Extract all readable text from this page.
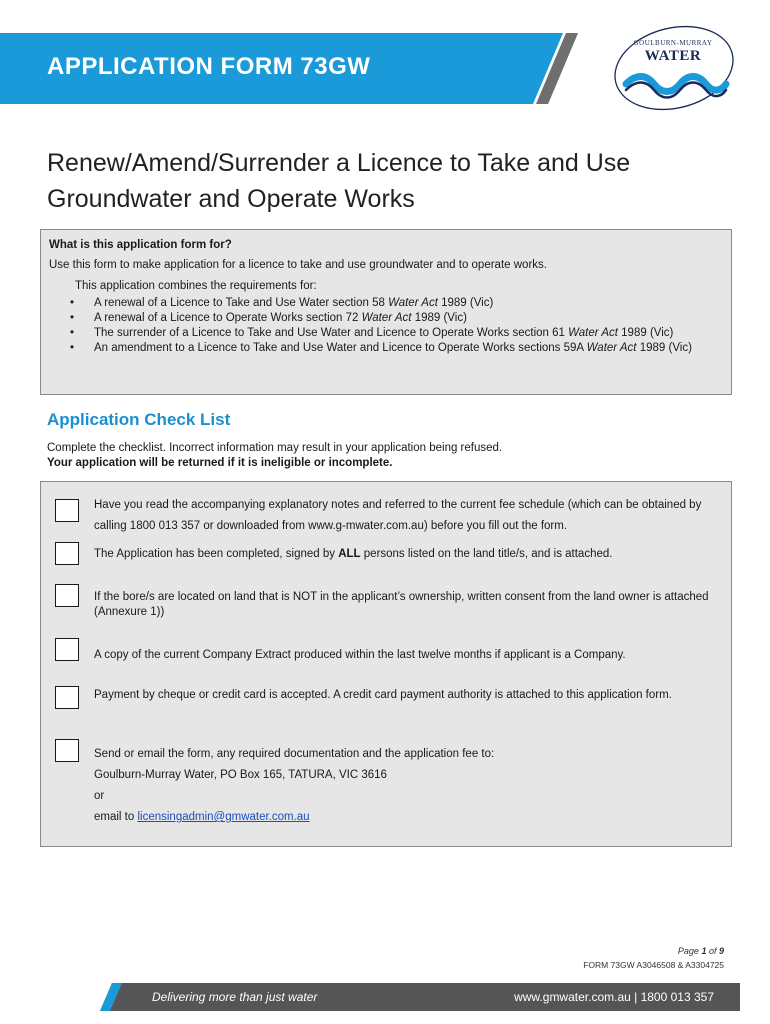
APPLICATION FORM 73GW
GOULBURN-MURRAY
WATER
Renew/Amend/Surrender a Licence to Take and Use
Groundwater and Operate Works
What is this application form for?
Use this form to make application for a licence to take and use groundwater and to operate works.
This application combines the requirements for:
• A renewal of a Licence to Take and Use Water section 58 Water Act 1989 (Vic)
• A renewal of a Licence to Operate Works section 72 Water Act 1989 (Vic)
• The surrender of a Licence to Take and Use Water and Licence to Operate Works section 61 Water Act 1989 (Vic)
• An amendment to a Licence to Take and Use Water and Licence to Operate Works sections 59A Water Act 1989 (Vic)
Application Check List
Complete the checklist. Incorrect information may result in your application being refused.
Your application will be returned if it is ineligible or incomplete.
Have you read the accompanying explanatory notes and referred to the current fee schedule (which can be obtained by calling 1800 013 357 or downloaded from www.g-mwater.com.au) before you fill out the form.
The Application has been completed, signed by ALL persons listed on the land title/s, and is attached.
If the bore/s are located on land that is NOT in the applicant’s ownership, written consent from the land owner is attached (Annexure 1))
A copy of the current Company Extract produced within the last twelve months if applicant is a Company.
Payment by cheque or credit card is accepted. A credit card payment authority is attached to this application form.
Send or email the form, any required documentation and the application fee to:
Goulburn-Murray Water, PO Box 165, TATURA, VIC 3616
or
email to licensingadmin@gmwater.com.au
Page 1 of 9
FORM 73GW A3046508 & A3304725
Delivering more than just water	www.gmwater.com.au | 1800 013 357
